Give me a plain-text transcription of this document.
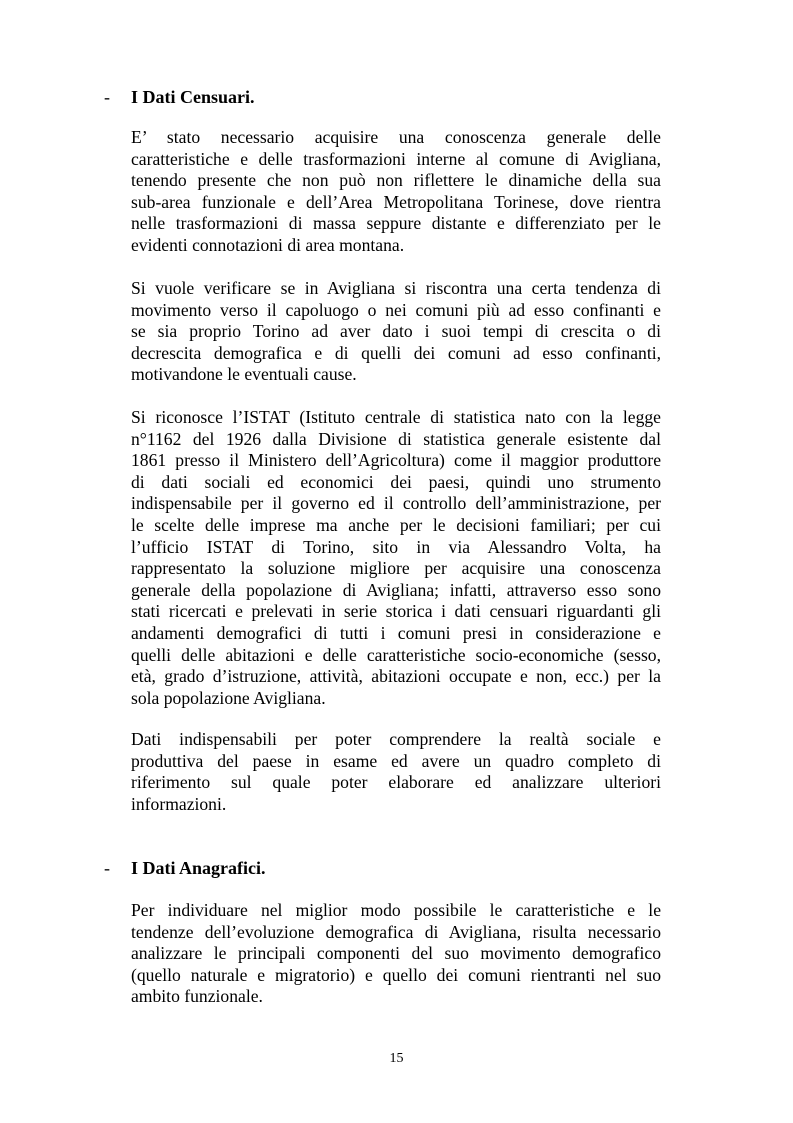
- I Dati Censuari.
E’ stato necessario acquisire una conoscenza generale delle
caratteristiche e delle trasformazioni interne al comune di Avigliana,
tenendo presente che non può non riflettere le dinamiche della sua
sub-area funzionale e dell’Area Metropolitana Torinese, dove rientra
nelle trasformazioni di massa seppure distante e differenziato per le
evidenti connotazioni di area montana.
Si vuole verificare se in Avigliana si riscontra una certa tendenza di
movimento verso il capoluogo o nei comuni più ad esso confinanti e
se sia proprio Torino ad aver dato i suoi tempi di crescita o di
decrescita demografica e di quelli dei comuni ad esso confinanti,
motivandone le eventuali cause.
Si riconosce l’ISTAT (Istituto centrale di statistica nato con la legge
n°1162 del 1926 dalla Divisione di statistica generale esistente dal
1861 presso il Ministero dell’Agricoltura) come il maggior produttore
di dati sociali ed economici dei paesi, quindi uno strumento
indispensabile per il governo ed il controllo dell’amministrazione, per
le scelte delle imprese ma anche per le decisioni familiari; per cui
l’ufficio ISTAT di Torino, sito in via Alessandro Volta, ha
rappresentato la soluzione migliore per acquisire una conoscenza
generale della popolazione di Avigliana; infatti, attraverso esso sono
stati ricercati e prelevati in serie storica i dati censuari riguardanti gli
andamenti demografici di tutti i comuni presi in considerazione e
quelli delle abitazioni e delle caratteristiche socio-economiche (sesso,
età, grado d’istruzione, attività, abitazioni occupate e non, ecc.) per la
sola popolazione Avigliana.
Dati indispensabili per poter comprendere la realtà sociale e
produttiva del paese in esame ed avere un quadro completo di
riferimento sul quale poter elaborare ed analizzare ulteriori
informazioni.
- I Dati Anagrafici.
Per individuare nel miglior modo possibile le caratteristiche e le
tendenze dell’evoluzione demografica di Avigliana, risulta necessario
analizzare le principali componenti del suo movimento demografico
(quello naturale e migratorio) e quello dei comuni rientranti nel suo
ambito funzionale.
15
